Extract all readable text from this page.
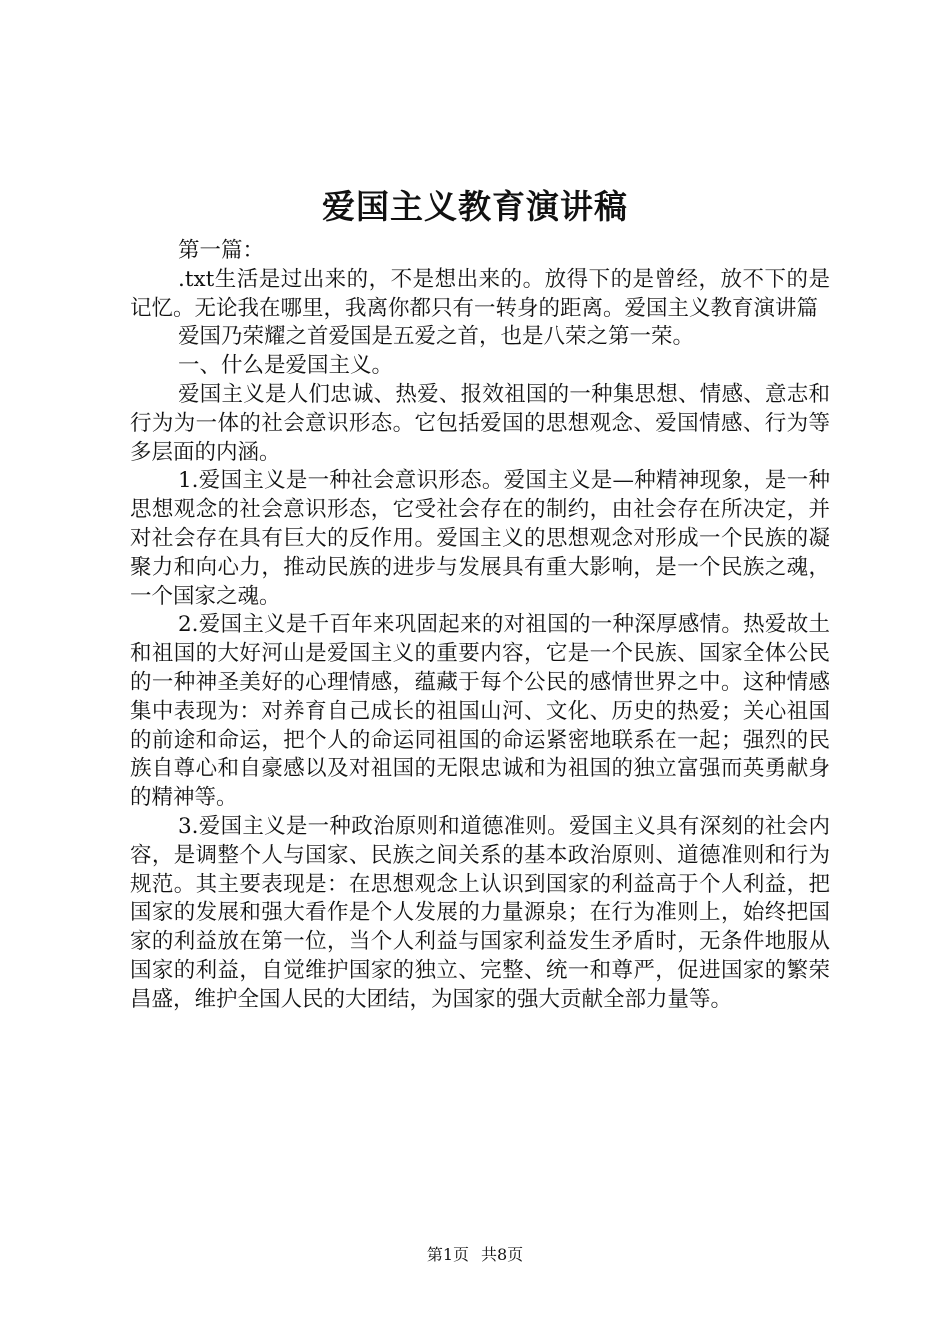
爱国主义教育演讲稿

第一篇：

.txt生活是过出来的，不是想出来的。放得下的是曾经，放不下的是记忆。无论我在哪里，我离你都只有一转身的距离。爱国主义教育演讲篇

爱国乃荣耀之首爱国是五爱之首，也是八荣之第一荣。

一、什么是爱国主义。

爱国主义是人们忠诚、热爱、报效祖国的一种集思想、情感、意志和行为为一体的社会意识形态。它包括爱国的思想观念、爱国情感、行为等多层面的内涵。

1.爱国主义是一种社会意识形态。爱国主义是—种精神现象，是一种思想观念的社会意识形态，它受社会存在的制约，由社会存在所决定，并对社会存在具有巨大的反作用。爱国主义的思想观念对形成一个民族的凝聚力和向心力，推动民族的进步与发展具有重大影响，是一个民族之魂，一个国家之魂。

2.爱国主义是千百年来巩固起来的对祖国的一种深厚感情。热爱故土和祖国的大好河山是爱国主义的重要内容，它是一个民族、国家全体公民的一种神圣美好的心理情感，蕴藏于每个公民的感情世界之中。这种情感集中表现为：对养育自己成长的祖国山河、文化、历史的热爱；关心祖国的前途和命运，把个人的命运同祖国的命运紧密地联系在一起；强烈的民族自尊心和自豪感以及对祖国的无限忠诚和为祖国的独立富强而英勇献身的精神等。

3.爱国主义是一种政治原则和道德准则。爱国主义具有深刻的社会内容，是调整个人与国家、民族之间关系的基本政治原则、道德准则和行为规范。其主要表现是：在思想观念上认识到国家的利益高于个人利益，把国家的发展和强大看作是个人发展的力量源泉；在行为准则上，始终把国家的利益放在第一位，当个人利益与国家利益发生矛盾时，无条件地服从国家的利益，自觉维护国家的独立、完整、统一和尊严，促进国家的繁荣昌盛，维护全国人民的大团结，为国家的强大贡献全部力量等。

第1页 共8页
